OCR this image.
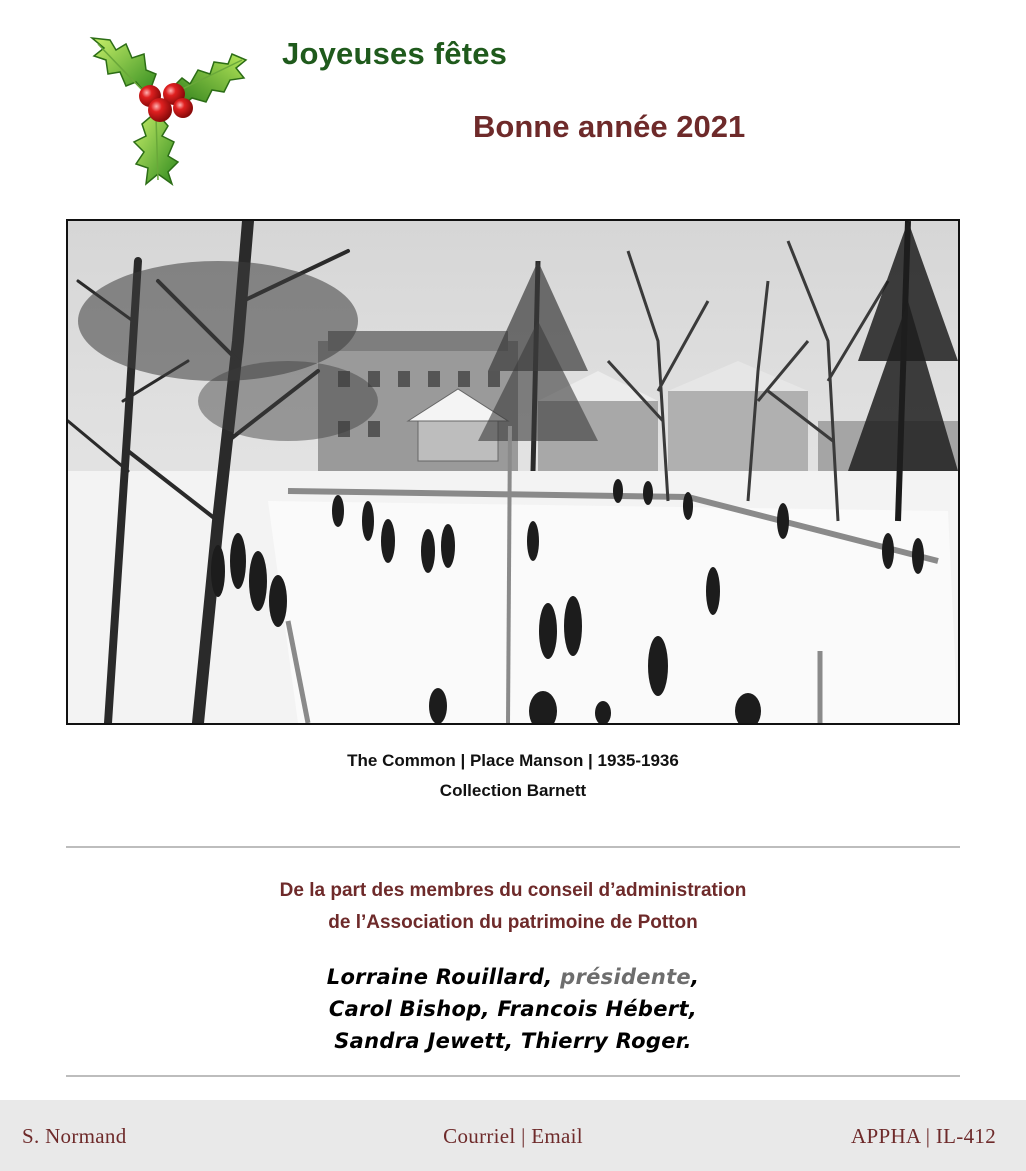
Joyeuses fêtes
Bonne année 2021
The Common | Place Manson | 1935-1936
Collection Barnett
De la part des membres du conseil d’administration
de l’Association du patrimoine de Potton
Lorraine Rouillard, présidente,
Carol Bishop, Francois Hébert,
Sandra Jewett, Thierry Roger.
S. Normand	Courriel | Email	APPHA | IL-412
